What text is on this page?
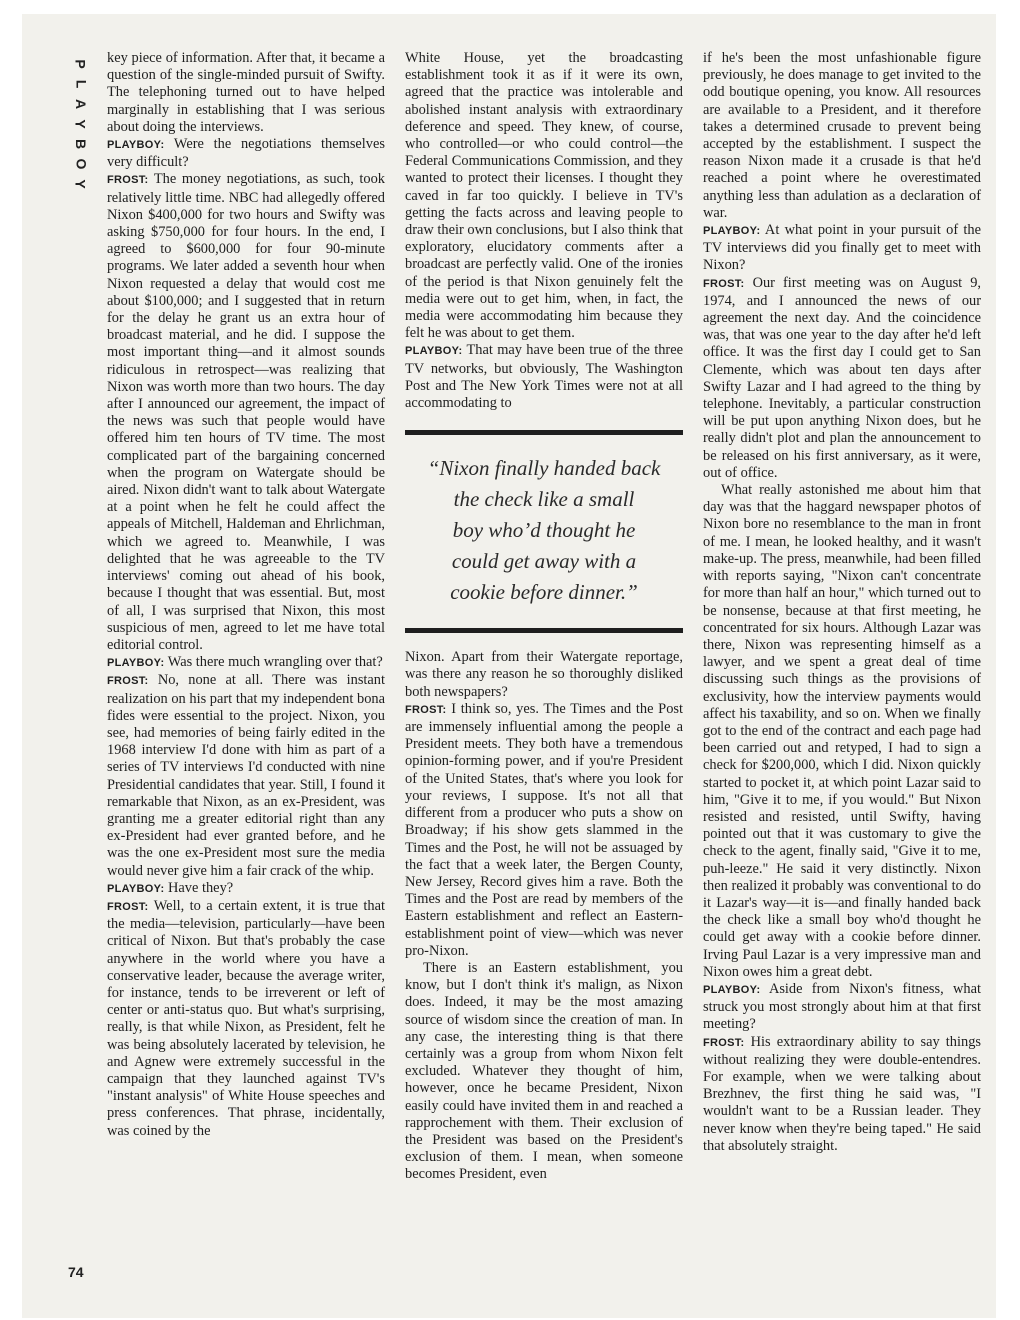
P
L
A
Y
B
O
Y
74

key piece of information. After that, it became a question of the single-minded pursuit of Swifty. The telephoning turned out to have helped marginally in establishing that I was serious about doing the interviews.

PLAYBOY: Were the negotiations themselves very difficult?

FROST: The money negotiations, as such, took relatively little time. NBC had allegedly offered Nixon $400,000 for two hours and Swifty was asking $750,000 for four hours. In the end, I agreed to $600,000 for four 90-minute programs. We later added a seventh hour when Nixon requested a delay that would cost me about $100,000; and I suggested that in return for the delay he grant us an extra hour of broadcast material, and he did. I suppose the most important thing—and it almost sounds ridiculous in retrospect—was realizing that Nixon was worth more than two hours. The day after I announced our agreement, the impact of the news was such that people would have offered him ten hours of TV time. The most complicated part of the bargaining concerned when the program on Watergate should be aired. Nixon didn't want to talk about Watergate at a point when he felt he could affect the appeals of Mitchell, Haldeman and Ehrlichman, which we agreed to. Meanwhile, I was delighted that he was agreeable to the TV interviews' coming out ahead of his book, because I thought that was essential. But, most of all, I was surprised that Nixon, this most suspicious of men, agreed to let me have total editorial control.

PLAYBOY: Was there much wrangling over that?

FROST: No, none at all. There was instant realization on his part that my independent bona fides were essential to the project. Nixon, you see, had memories of being fairly edited in the 1968 interview I'd done with him as part of a series of TV interviews I'd conducted with nine Presidential candidates that year. Still, I found it remarkable that Nixon, as an ex-President, was granting me a greater editorial right than any ex-President had ever granted before, and he was the one ex-President most sure the media would never give him a fair crack of the whip.

PLAYBOY: Have they?

FROST: Well, to a certain extent, it is true that the media—television, particularly—have been critical of Nixon. But that's probably the case anywhere in the world where you have a conservative leader, because the average writer, for instance, tends to be irreverent or left of center or anti-status quo. But what's surprising, really, is that while Nixon, as President, felt he was being absolutely lacerated by television, he and Agnew were extremely successful in the campaign that they launched against TV's "instant analysis" of White House speeches and press conferences. That phrase, incidentally, was coined by the

White House, yet the broadcasting establishment took it as if it were its own, agreed that the practice was intolerable and abolished instant analysis with extraordinary deference and speed. They knew, of course, who controlled—or who could control—the Federal Communications Commission, and they wanted to protect their licenses. I thought they caved in far too quickly. I believe in TV's getting the facts across and leaving people to draw their own conclusions, but I also think that exploratory, elucidatory comments after a broadcast are perfectly valid. One of the ironies of the period is that Nixon genuinely felt the media were out to get him, when, in fact, the media were accommodating him because they felt he was about to get them.

PLAYBOY: That may have been true of the three TV networks, but obviously, The Washington Post and The New York Times were not at all accommodating to

“Nixon finally handed back
the check like a small
boy who’d thought he
could get away with a
cookie before dinner.”

Nixon. Apart from their Watergate reportage, was there any reason he so thoroughly disliked both newspapers?

FROST: I think so, yes. The Times and the Post are immensely influential among the people a President meets. They both have a tremendous opinion-forming power, and if you're President of the United States, that's where you look for your reviews, I suppose. It's not all that different from a producer who puts a show on Broadway; if his show gets slammed in the Times and the Post, he will not be assuaged by the fact that a week later, the Bergen County, New Jersey, Record gives him a rave. Both the Times and the Post are read by members of the Eastern establishment and reflect an Eastern-establishment point of view—which was never pro-Nixon.

There is an Eastern establishment, you know, but I don't think it's malign, as Nixon does. Indeed, it may be the most amazing source of wisdom since the creation of man. In any case, the interesting thing is that there certainly was a group from whom Nixon felt excluded. Whatever they thought of him, however, once he became President, Nixon easily could have invited them in and reached a rapprochement with them. Their exclusion of the President was based on the President's exclusion of them. I mean, when someone becomes President, even

if he's been the most unfashionable figure previously, he does manage to get invited to the odd boutique opening, you know. All resources are available to a President, and it therefore takes a determined crusade to prevent being accepted by the establishment. I suspect the reason Nixon made it a crusade is that he'd reached a point where he overestimated anything less than adulation as a declaration of war.

PLAYBOY: At what point in your pursuit of the TV interviews did you finally get to meet with Nixon?

FROST: Our first meeting was on August 9, 1974, and I announced the news of our agreement the next day. And the coincidence was, that was one year to the day after he'd left office. It was the first day I could get to San Clemente, which was about ten days after Swifty Lazar and I had agreed to the thing by telephone. Inevitably, a particular construction will be put upon anything Nixon does, but he really didn't plot and plan the announcement to be released on his first anniversary, as it were, out of office.

What really astonished me about him that day was that the haggard newspaper photos of Nixon bore no resemblance to the man in front of me. I mean, he looked healthy, and it wasn't make-up. The press, meanwhile, had been filled with reports saying, "Nixon can't concentrate for more than half an hour," which turned out to be nonsense, because at that first meeting, he concentrated for six hours. Although Lazar was there, Nixon was representing himself as a lawyer, and we spent a great deal of time discussing such things as the provisions of exclusivity, how the interview payments would affect his taxability, and so on. When we finally got to the end of the contract and each page had been carried out and retyped, I had to sign a check for $200,000, which I did. Nixon quickly started to pocket it, at which point Lazar said to him, "Give it to me, if you would." But Nixon resisted and resisted, until Swifty, having pointed out that it was customary to give the check to the agent, finally said, "Give it to me, puh-leeze." He said it very distinctly. Nixon then realized it probably was conventional to do it Lazar's way—it is—and finally handed back the check like a small boy who'd thought he could get away with a cookie before dinner. Irving Paul Lazar is a very impressive man and Nixon owes him a great debt.

PLAYBOY: Aside from Nixon's fitness, what struck you most strongly about him at that first meeting?

FROST: His extraordinary ability to say things without realizing they were double-entendres. For example, when we were talking about Brezhnev, the first thing he said was, "I wouldn't want to be a Russian leader. They never know when they're being taped." He said that absolutely straight.
